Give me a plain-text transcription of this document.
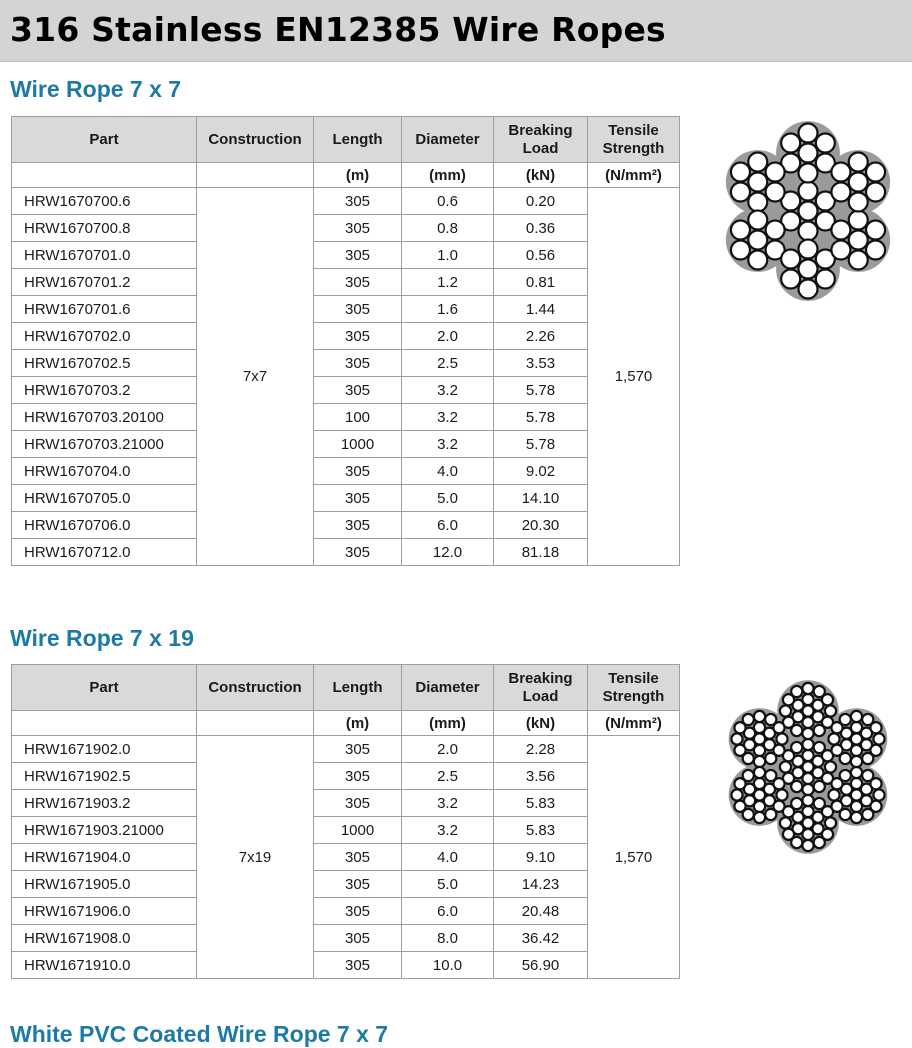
316 Stainless EN12385 Wire Ropes
Wire Rope 7 x 7
Part	Construction	Length	Diameter	Breaking Load	Tensile Strength
		(m)	(mm)	(kN)	(N/mm²)
HRW1670700.6	7x7	305	0.6	0.20	1,570
HRW1670700.8		305	0.8	0.36	
HRW1670701.0		305	1.0	0.56	
HRW1670701.2		305	1.2	0.81	
HRW1670701.6		305	1.6	1.44	
HRW1670702.0		305	2.0	2.26	
HRW1670702.5		305	2.5	3.53	
HRW1670703.2		305	3.2	5.78	
HRW1670703.20100		100	3.2	5.78	
HRW1670703.21000		1000	3.2	5.78	
HRW1670704.0		305	4.0	9.02	
HRW1670705.0		305	5.0	14.10	
HRW1670706.0		305	6.0	20.30	
HRW1670712.0		305	12.0	81.18	
Wire Rope 7 x 19
Part	Construction	Length	Diameter	Breaking Load	Tensile Strength
		(m)	(mm)	(kN)	(N/mm²)
HRW1671902.0	7x19	305	2.0	2.28	1,570
HRW1671902.5		305	2.5	3.56	
HRW1671903.2		305	3.2	5.83	
HRW1671903.21000		1000	3.2	5.83	
HRW1671904.0		305	4.0	9.10	
HRW1671905.0		305	5.0	14.23	
HRW1671906.0		305	6.0	20.48	
HRW1671908.0		305	8.0	36.42	
HRW1671910.0		305	10.0	56.90	
White PVC Coated Wire Rope 7 x 7
